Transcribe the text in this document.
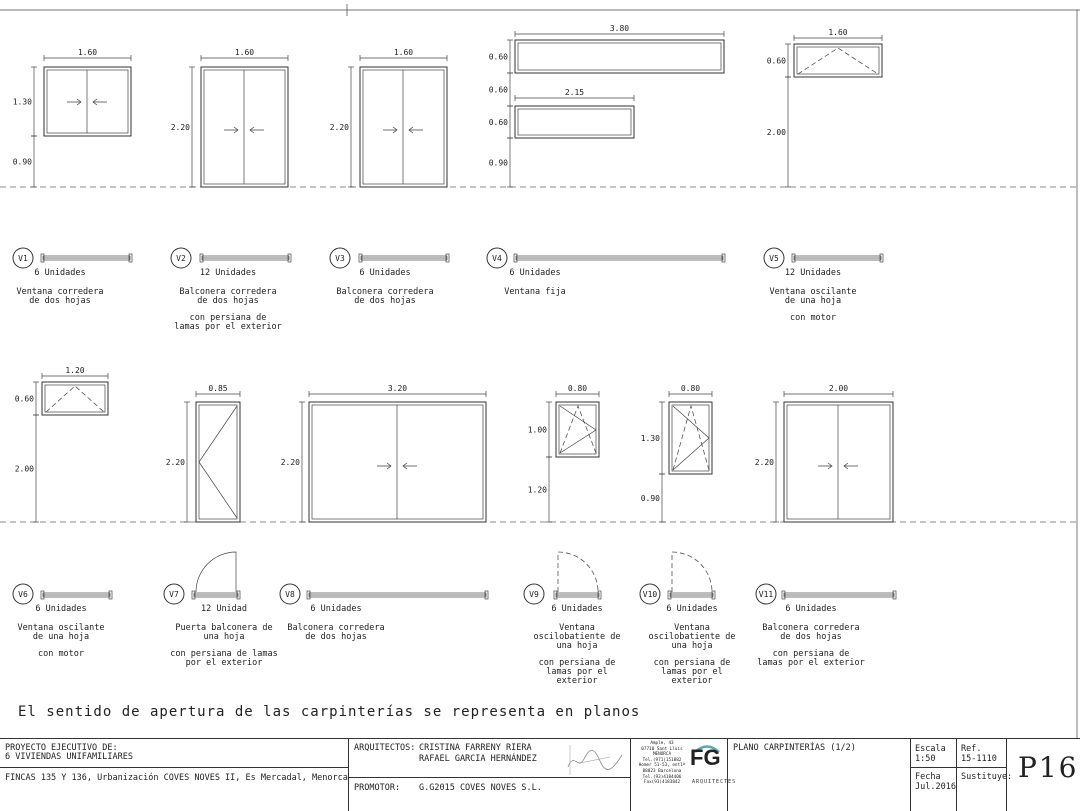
1.30
0.90
1.60
2.20
1.60
2.20
1.60	0.60
0.60
0.60
0.90
3.80
2.15
0.60
2.00
1.60
0.60
2.00
1.20
2.20
0.85
2.20
3.20
1.00
1.20
0.80
1.30
0.90
0.80
2.20
2.00
V1
6 Unidades
Ventana corredera
de dos hojas
V2
12 Unidades
Balconera corredera
de dos hojas
con persiana de
lamas por el exterior
V3
6 Unidades
Balconera corredera
de dos hojas
V4
6 Unidades
Ventana fija
V5
12 Unidades
Ventana oscilante
de una hoja
con motor
V6
6 Unidades
Ventana oscilante
de una hoja
con motor
V7
12 Unidad
Puerta balconera de
una hoja
con persiana de lamas
por el exterior
V8
6 Unidades
Balconera corredera
de dos hojas
V9
6 Unidades
Ventana
oscilobatiente de
una hoja
con persiana de
lamas por el
exterior
V10
6 Unidades
Ventana
oscilobatiente de
una hoja
con persiana de
lamas por el
exterior
V11
6 Unidades
Balconera corredera
de dos hojas
con persiana de
lamas por el exterior
El sentido de apertura de las carpinterías se representa en planos
PROYECTO EJECUTIVO DE:
6 VIVIENDAS UNIFAMILIARES
FINCAS 135 Y 136, Urbanización COVES NOVES II, Es Mercadal, Menorca
ARQUITECTOS: CRISTINA FARRENY RIERA
RAFAEL GARCIA HERNÁNDEZ
PROMOTOR: G.G2015 COVES NOVES S.L.
Ample, 43
07710 Sant Lluís
MENORCA
Tel.(971)151882
Homer 51-53, ent1ª
08023 Barcelona
Tel.(93)4184406
Fax(93)4183842
FG
ARQUITECTES
PLANO CARPINTERÍAS (1/2)	Escala
1:50
Ref.
15-1110
Fecha
Jul.2016
Sustituye: P16
